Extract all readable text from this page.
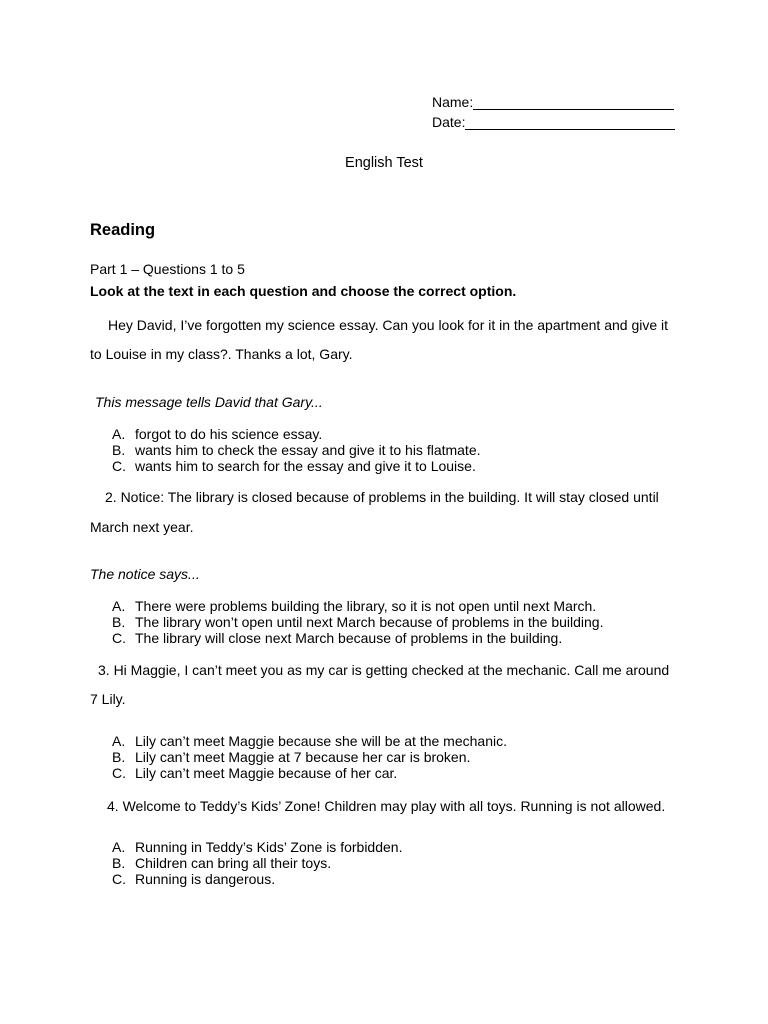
Name:
Date:
English Test
Reading
Part 1 – Questions 1 to 5
Look at the text in each question and choose the correct option.
Hey David, I’ve forgotten my science essay. Can you look for it in the apartment and give it
to Louise in my class?. Thanks a lot, Gary.
This message tells David that Gary...
A. forgot to do his science essay.
B. wants him to check the essay and give it to his flatmate.
C. wants him to search for the essay and give it to Louise.
2. Notice: The library is closed because of problems in the building. It will stay closed until
March next year.
The notice says...
A. There were problems building the library, so it is not open until next March.
B. The library won’t open until next March because of problems in the building.
C. The library will close next March because of problems in the building.
3. Hi Maggie, I can’t meet you as my car is getting checked at the mechanic. Call me around
7 Lily.
A. Lily can’t meet Maggie because she will be at the mechanic.
B. Lily can’t meet Maggie at 7 because her car is broken.
C. Lily can’t meet Maggie because of her car.
4. Welcome to Teddy’s Kids’ Zone! Children may play with all toys. Running is not allowed.
A. Running in Teddy’s Kids’ Zone is forbidden.
B. Children can bring all their toys.
C. Running is dangerous.
